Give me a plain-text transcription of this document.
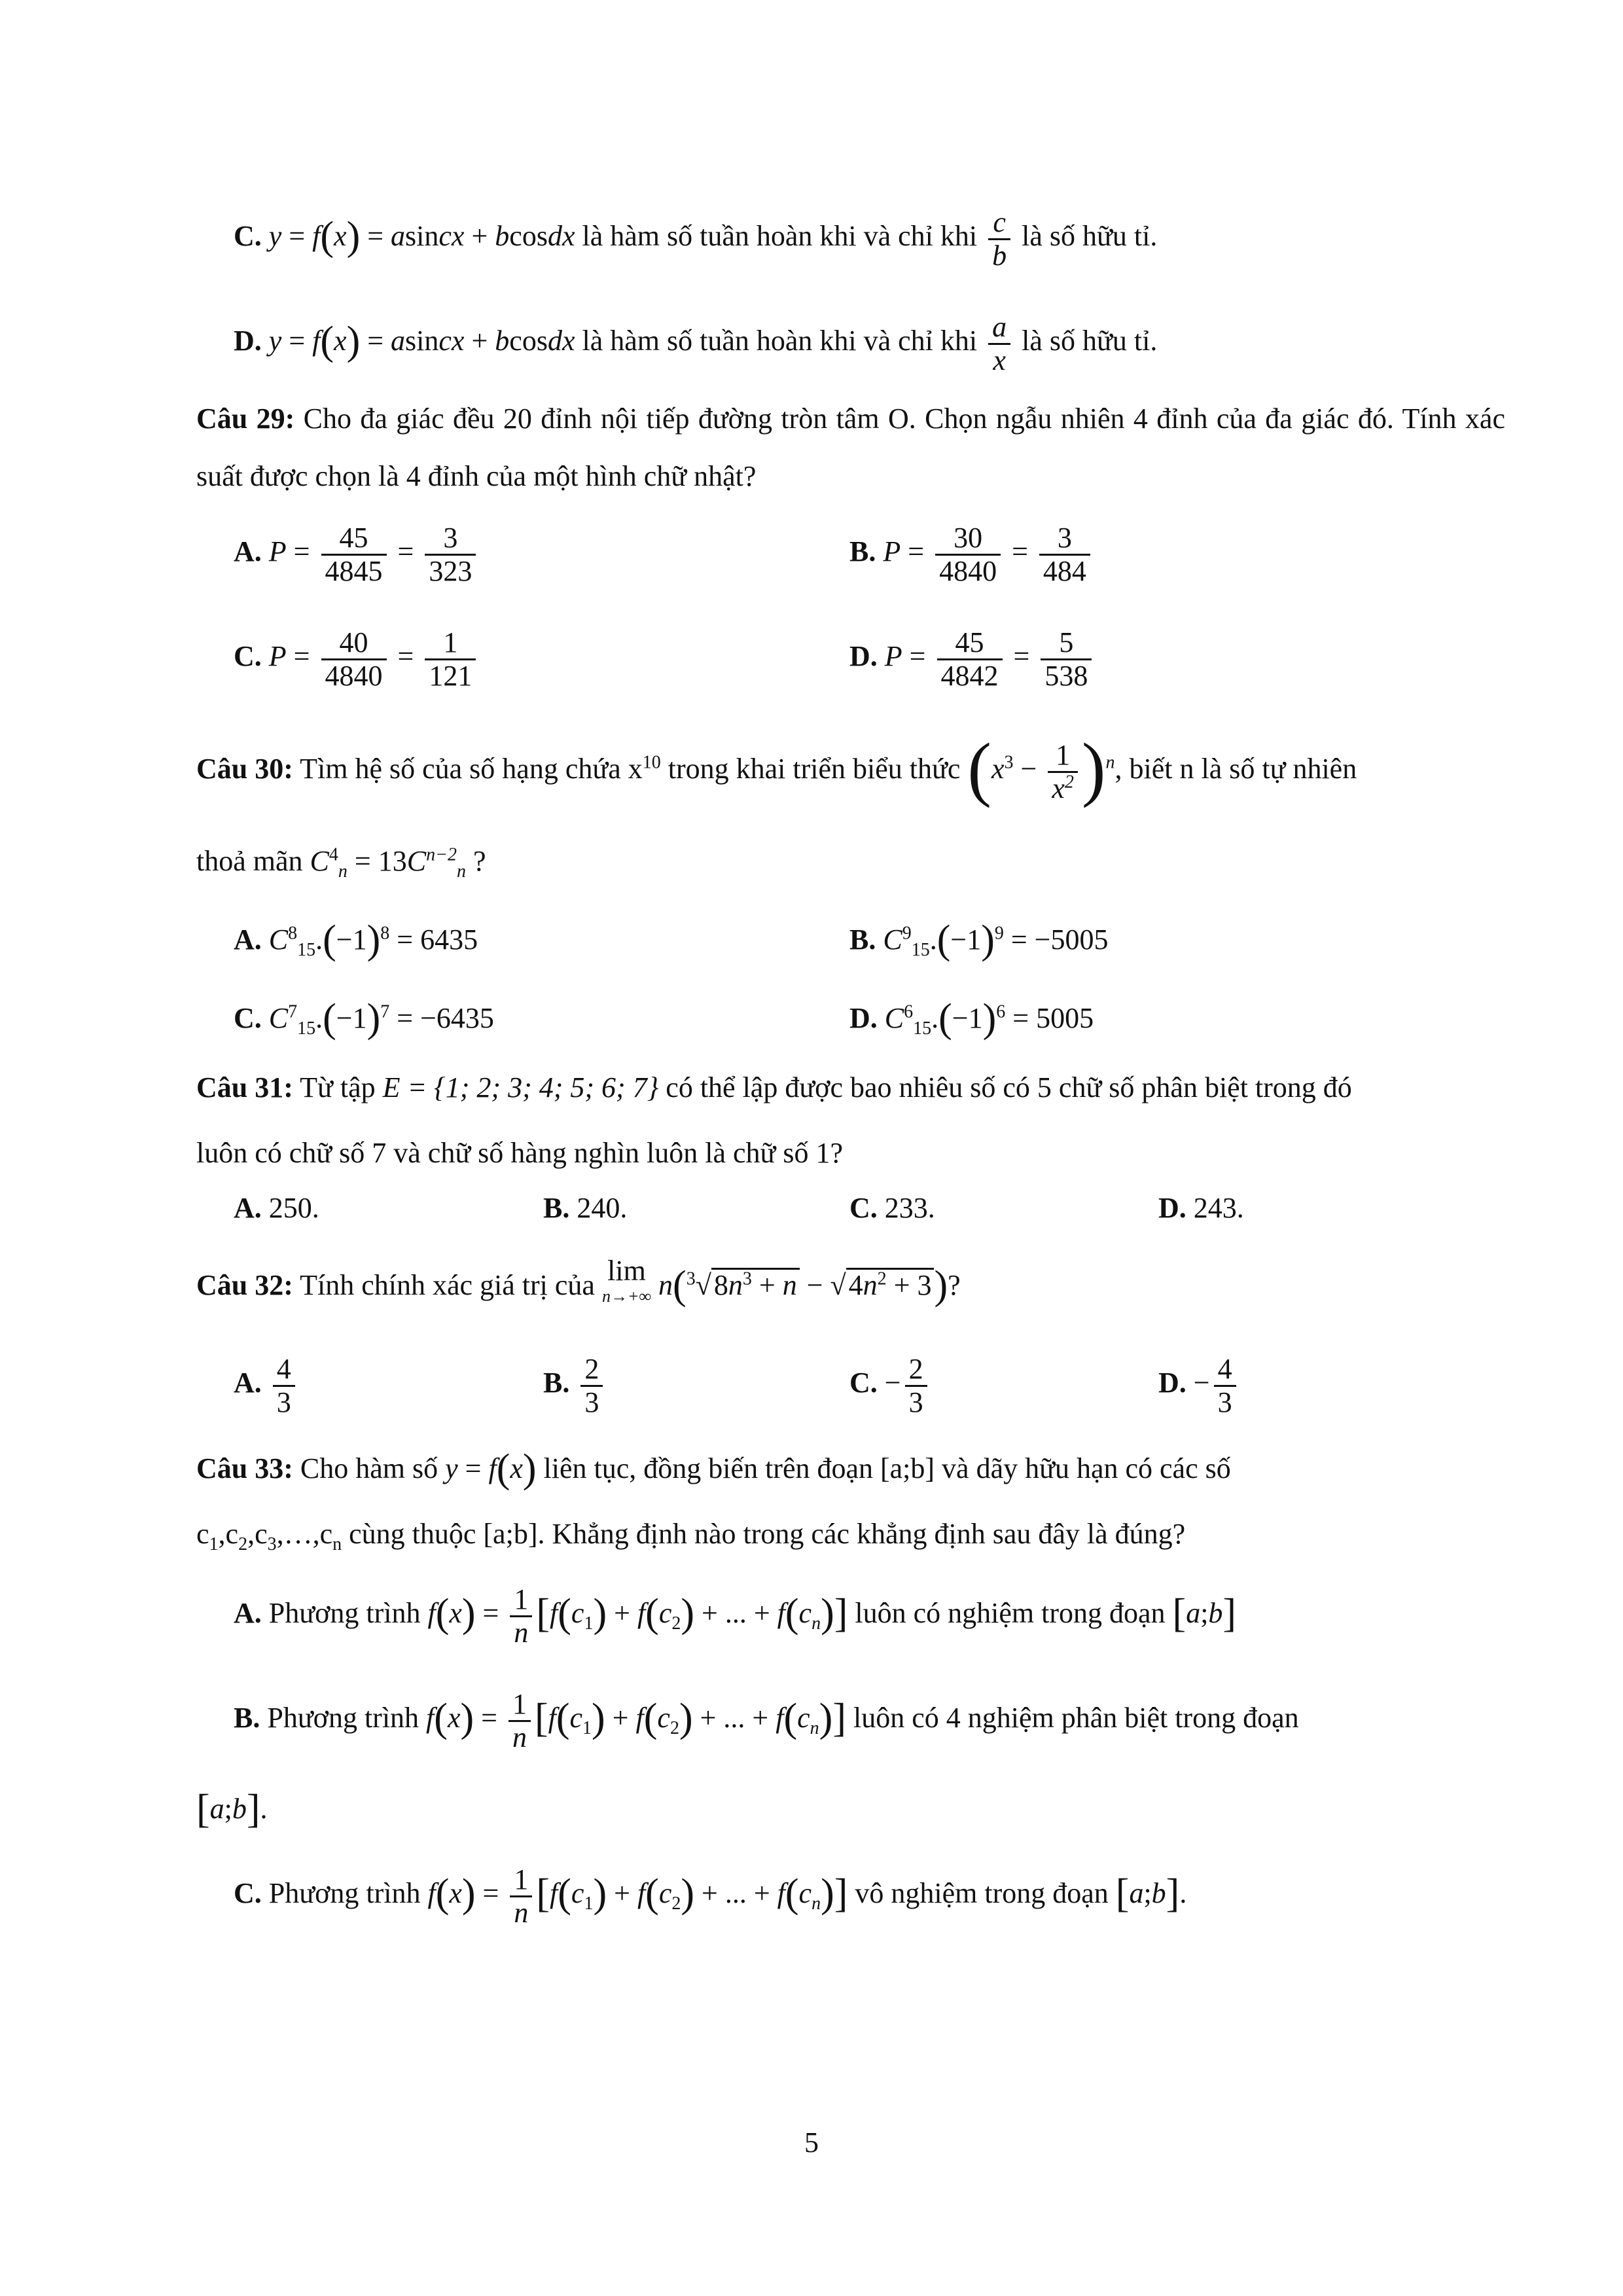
C. y = f(x) = asincx + bcosdx là hàm số tuần hoàn khi và chỉ khi $\frac{c}{b}$ là số hữu tỉ.
D. y = f(x) = asincx + bcosdx là hàm số tuần hoàn khi và chỉ khi $\frac{a}{x}$ là số hữu tỉ.
Câu 29: Cho đa giác đều 20 đỉnh nội tiếp đường tròn tâm O. Chọn ngẫu nhiên 4 đỉnh của đa giác đó. Tính xác suất được chọn là 4 đỉnh của một hình chữ nhật?
A. $P = \frac{45}{4845} = \frac{3}{323}$	B. $P = \frac{30}{4840} = \frac{3}{484}$
C. $P = \frac{40}{4840} = \frac{1}{121}$	D. $P = \frac{45}{4842} = \frac{5}{538}$
Câu 30: Tìm hệ số của số hạng chứa $x^{10}$ trong khai triển biểu thức $(x^3 - \frac{1}{x^2} )^n$, biết n là số tự nhiên
thoả mãn $C^4_n = 13C^{n-2}_n$ ?
A. $C^8_{15}.(-1)^8 = 6435$	B. $C^9_{15}.(-1)^9 = -5005$
C. $C^7_{15}.(-1)^7 = -6435$	D. $C^6_{15}.(-1)^6 = 5005$
Câu 31: Từ tập E = {1; 2; 3; 4; 5; 6; 7} có thể lập được bao nhiêu số có 5 chữ số phân biệt trong đó
luôn có chữ số 7 và chữ số hàng nghìn luôn là chữ số 1?
A. 250.	B. 240.	C. 233.	D. 243.
Câu 32: Tính chính xác giá trị của lim
n→+∞ $n(^3√8n^3 + n - √4n^2 + 3)$?
A. $\frac{4}{3}$	B. $\frac{2}{3}$	C. − $\frac{2}{3}$	D. − $\frac{4}{3}$
Câu 33: Cho hàm số y = f(x) liên tục, đồng biến trên đoạn [a;b] và dãy hữu hạn có các số
$c_1,c_2,c_3,\dots,c_n$ cùng thuộc [a;b]. Khẳng định nào trong các khẳng định sau đây là đúng?
A. Phương trình $f(x) = \frac{1}{n} [f(c_1) + f(c_2)$ + ... + $f(c_n)$] luôn có nghiệm trong đoạn [a;b]
B. Phương trình $f(x) = \frac{1}{n} [f(c_1) + f(c_2)$ + ... + $f(c_n)$] luôn có 4 nghiệm phân biệt trong đoạn
[a;b].
C. Phương trình $f(x) = \frac{1}{n} [f(c_1) + f(c_2)$ + ... + $f(c_n)$] vô nghiệm trong đoạn [a;b].
5
